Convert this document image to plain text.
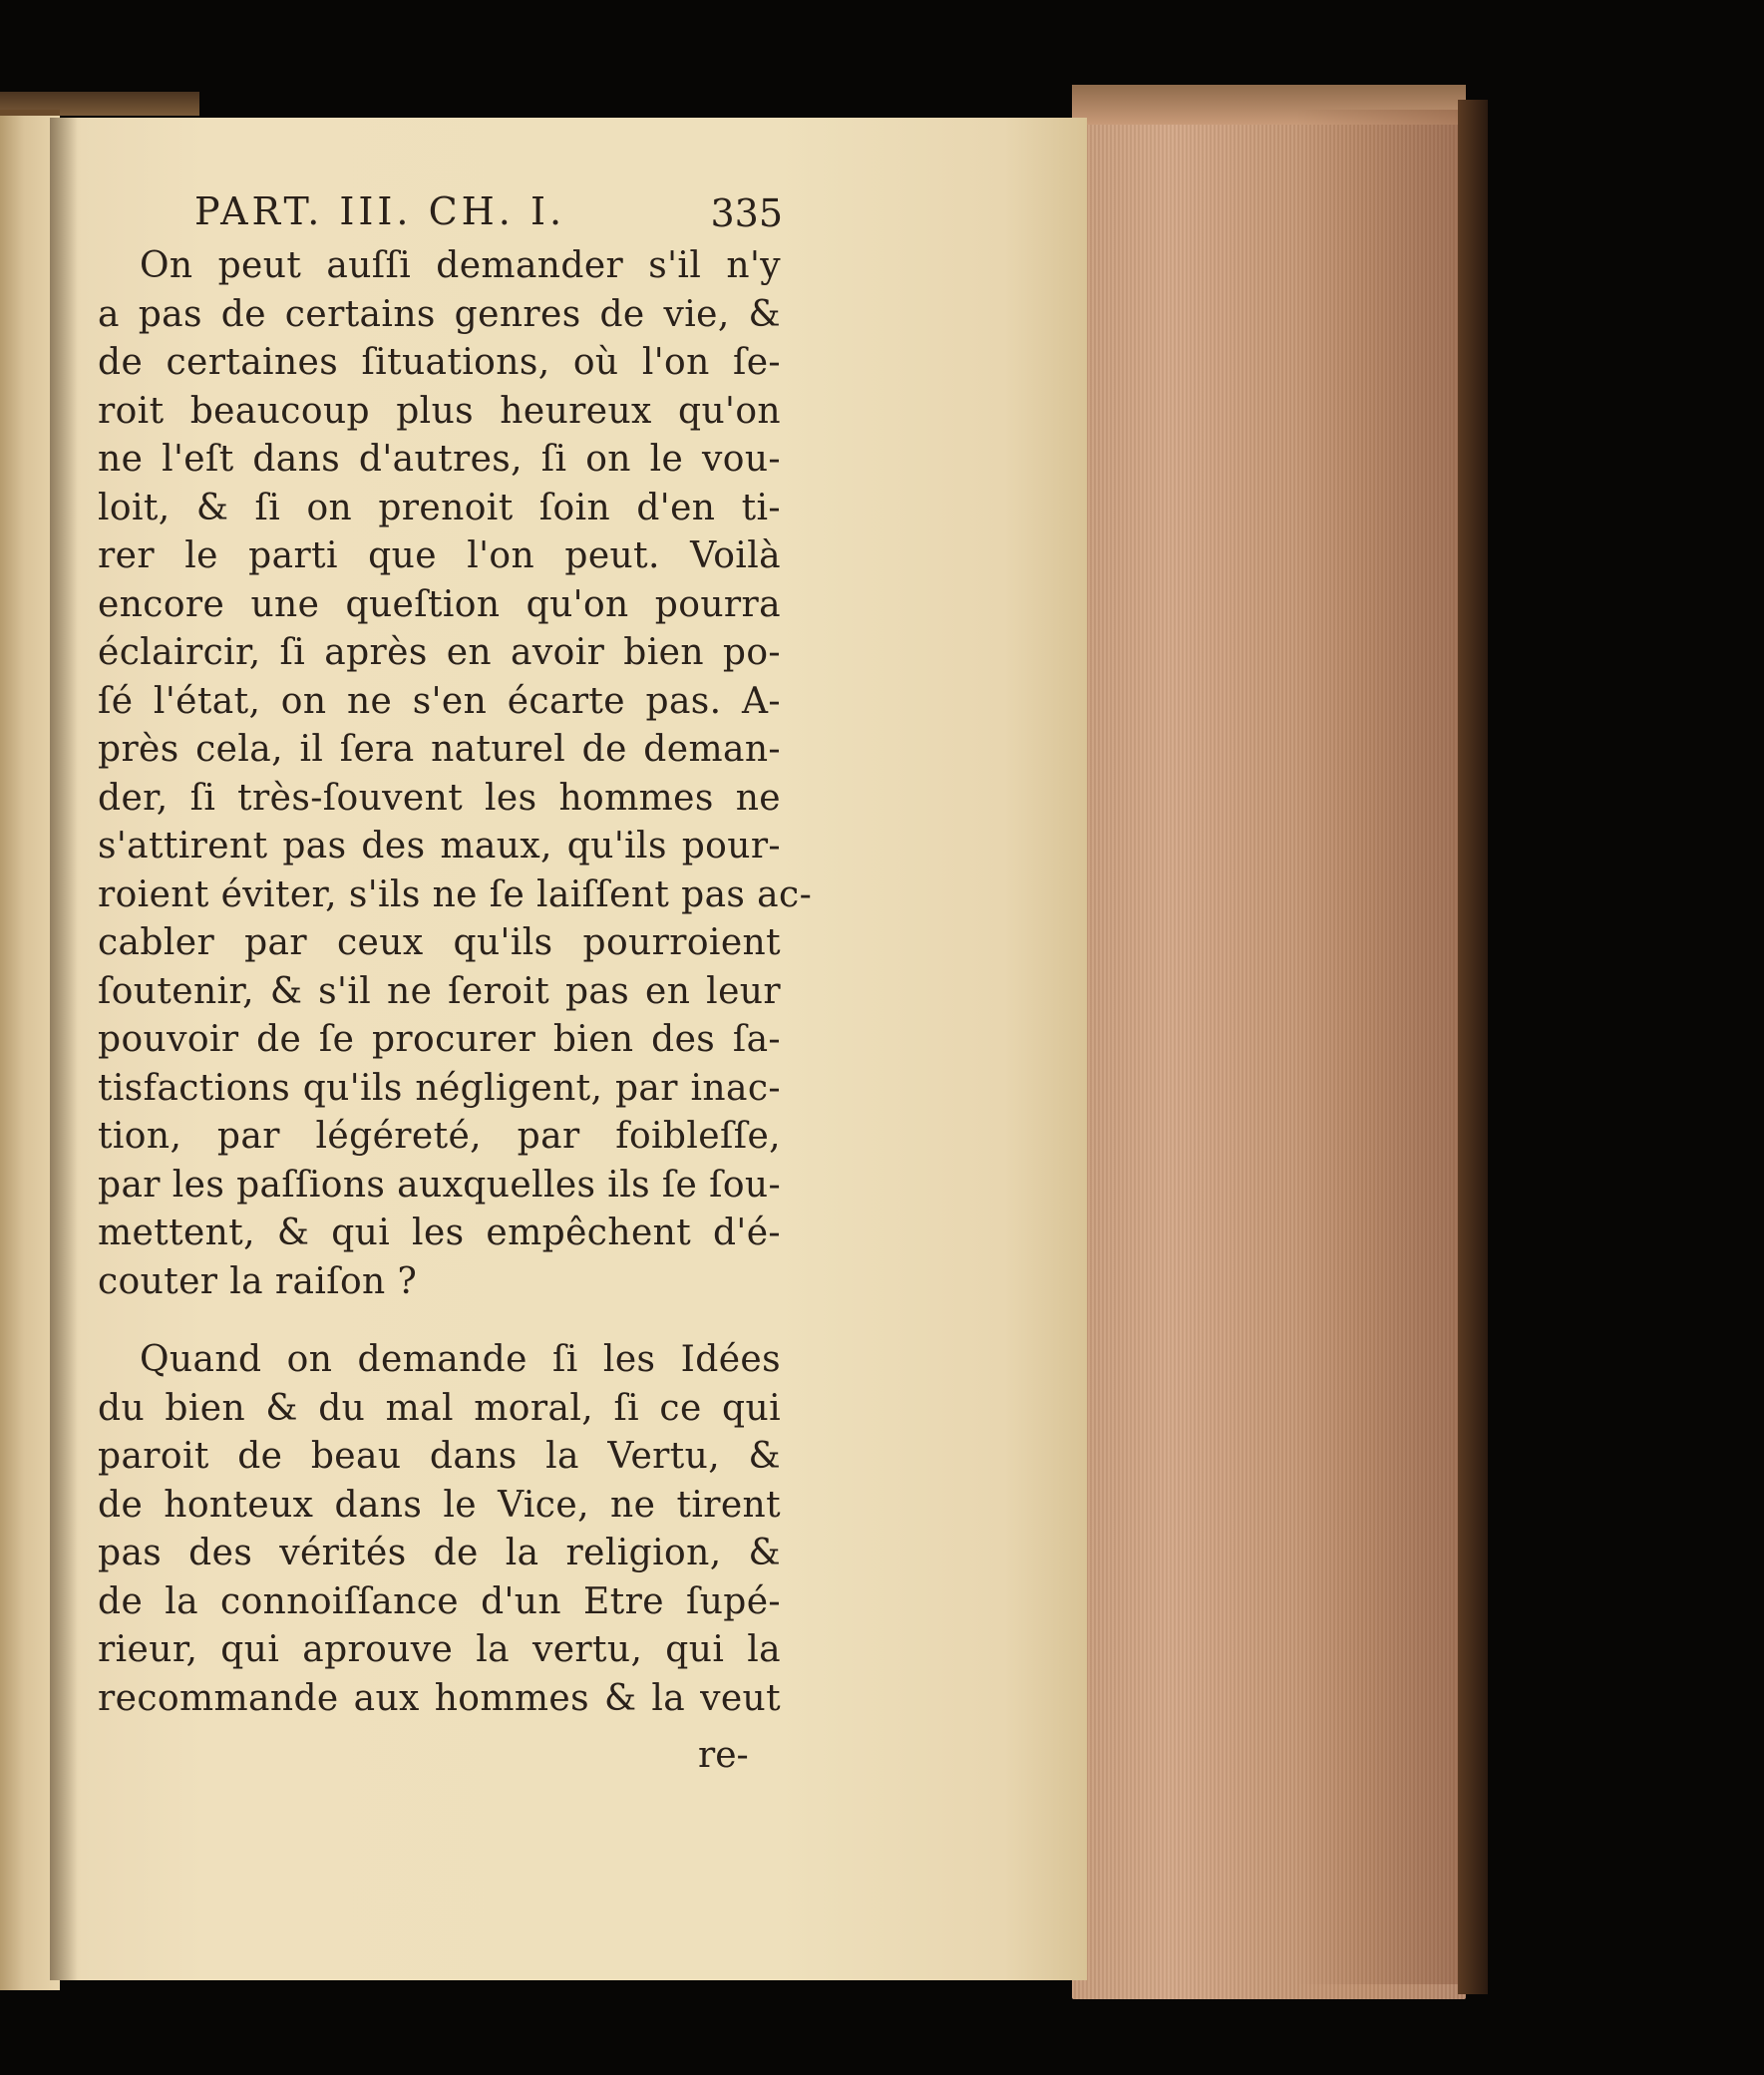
PART. III. CH. I.	335
On peut auſſi demander s'il n'y
a pas de certains genres de vie, &
de certaines ſituations, où l'on ſe-
roit beaucoup plus heureux qu'on
ne l'eſt dans d'autres, ſi on le vou-
loit, & ſi on prenoit ſoin d'en ti-
rer le parti que l'on peut. Voilà
encore une queſtion qu'on pourra
éclaircir, ſi après en avoir bien po-
ſé l'état, on ne s'en écarte pas. A-
près cela, il ſera naturel de deman-
der, ſi très-ſouvent les hommes ne
s'attirent pas des maux, qu'ils pour-
roient éviter, s'ils ne ſe laiſſent pas ac-
cabler par ceux qu'ils pourroient
ſoutenir, & s'il ne ſeroit pas en leur
pouvoir de ſe procurer bien des ſa-
tisfactions qu'ils négligent, par inac-
tion, par légéreté, par foibleſſe,
par les paſſions auxquelles ils ſe ſou-
mettent, & qui les empêchent d'é-
couter la raiſon ?
Quand on demande ſi les Idées
du bien & du mal moral, ſi ce qui
paroit de beau dans la Vertu, &
de honteux dans le Vice, ne tirent
pas des vérités de la religion, &
de la connoiſſance d'un Etre ſupé-
rieur, qui aprouve la vertu, qui la
recommande aux hommes & la veut
re-
